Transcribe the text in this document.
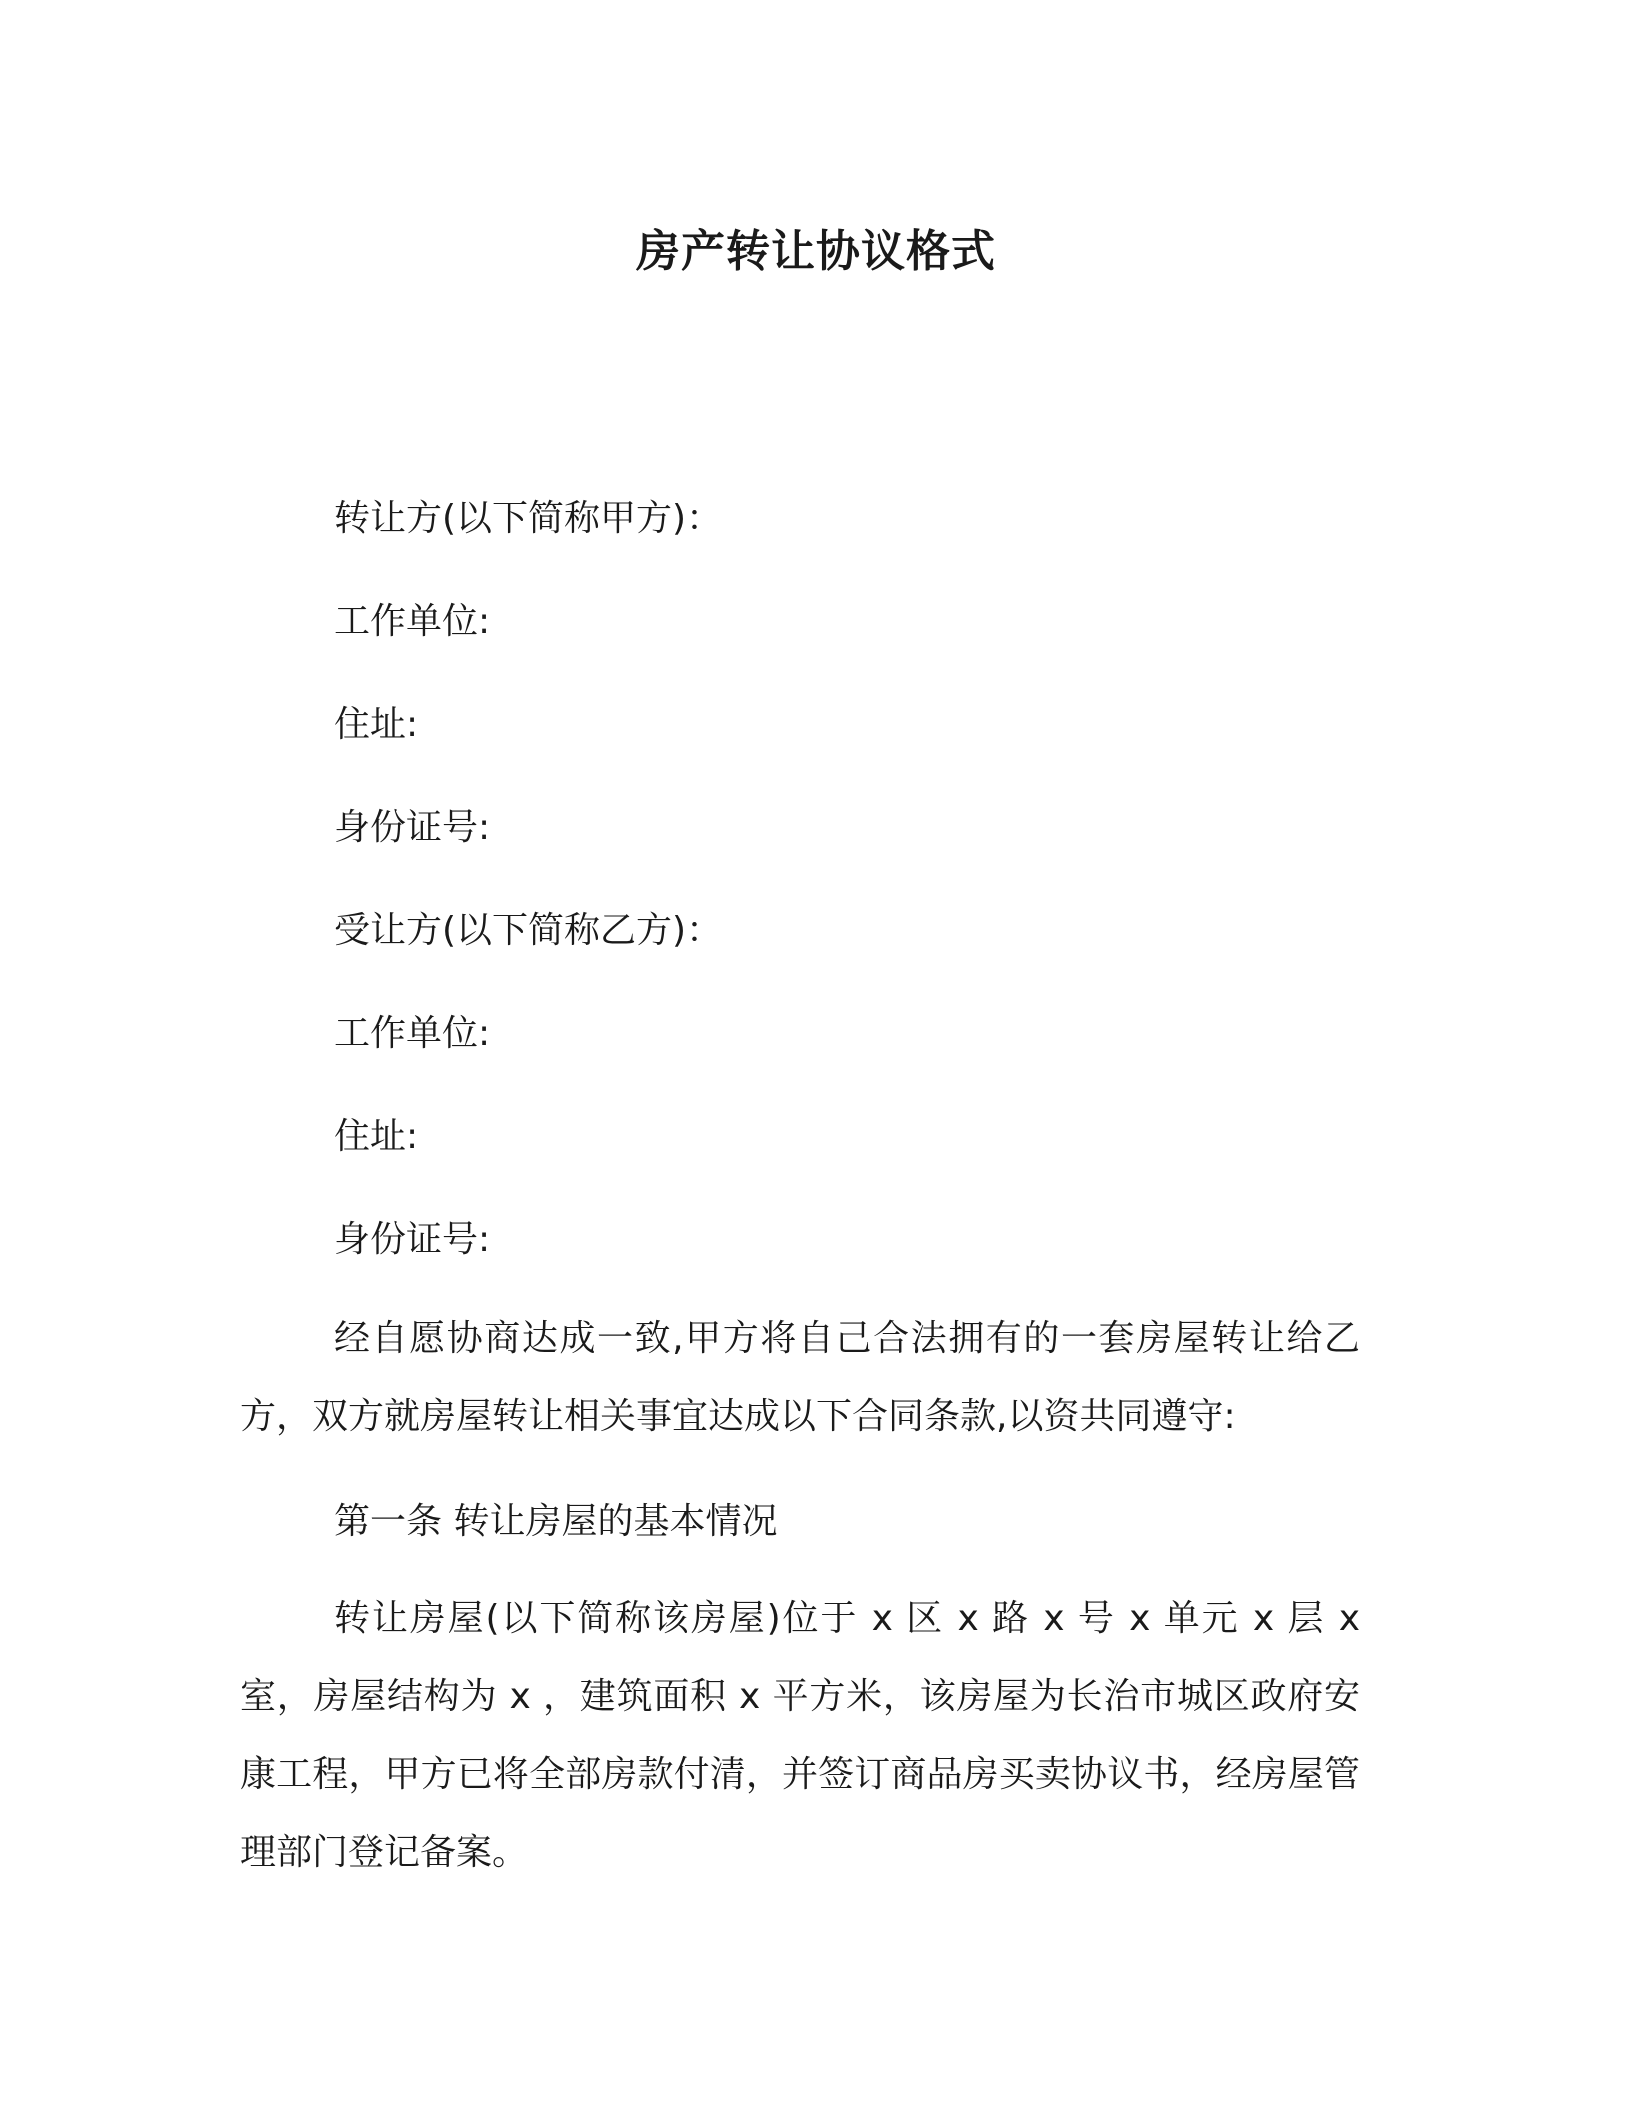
房产转让协议格式
转让方(以下简称甲方)：
工作单位:
住址:
身份证号:
受让方(以下简称乙方)：
工作单位:
住址:
身份证号:
经自愿协商达成一致,甲方将自己合法拥有的一套房屋转让给乙方，双方就房屋转让相关事宜达成以下合同条款,以资共同遵守:
第一条 转让房屋的基本情况
转让房屋(以下简称该房屋)位于 x 区 x 路 x 号 x 单元 x 层 x 室，房屋结构为 x ，建筑面积 x 平方米，该房屋为长治市城区政府安康工程，甲方已将全部房款付清，并签订商品房买卖协议书，经房屋管理部门登记备案。
